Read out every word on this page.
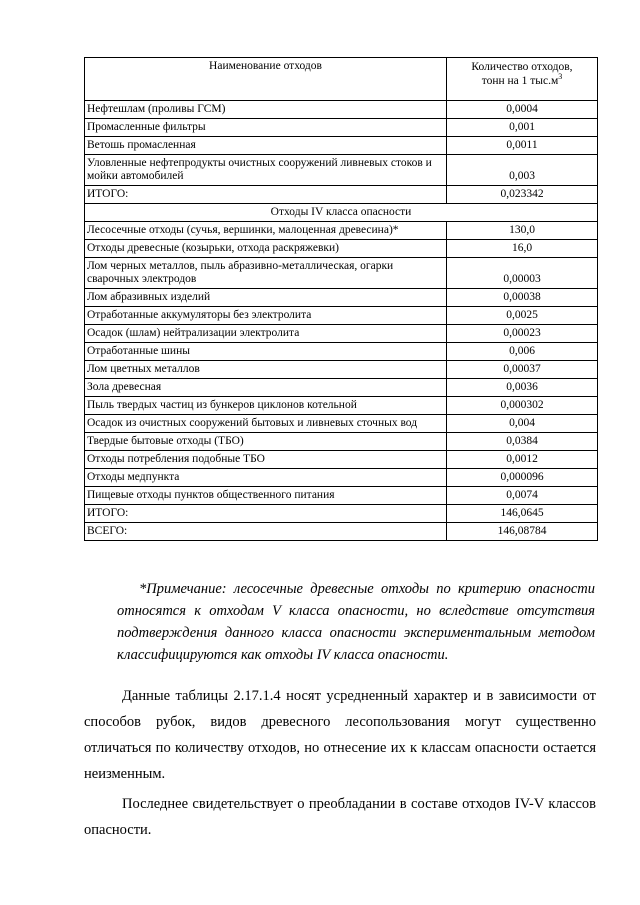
Наименование отходов	Количество отходов,
тонн на 1 $тыс.м^3$
Нефтешлам (проливы ГСМ)	0,0004
Промасленные фильтры	0,001
Ветошь промасленная	0,0011
Уловленные нефтепродукты очистных сооружений ливневых стоков и мойки автомобилей	0,003
ИТОГО:	0,023342
Отходы IV класса опасности	
Лесосечные отходы (сучья, вершинки, малоценная древесина)*	130,0
Отходы древесные (козырьки, отхода раскряжевки)	16,0
Лом черных металлов, пыль абразивно-металлическая, огарки сварочных электродов	0,00003
Лом абразивных изделий	0,00038
Отработанные аккумуляторы без электролита	0,0025
Осадок (шлам) нейтрализации электролита	0,00023
Отработанные шины	0,006
Лом цветных металлов	0,00037
Зола древесная	0,0036
Пыль твердых частиц из бункеров циклонов котельной	0,000302
Осадок из очистных сооружений бытовых и ливневых сточных вод	0,004
Твердые бытовые отходы (ТБО)	0,0384
Отходы потребления подобные ТБО	0,0012
Отходы медпункта	0,000096
Пищевые отходы пунктов общественного питания	0,0074
ИТОГО:	146,0645
ВСЕГО:	146,08784

*Примечание: лесосечные древесные отходы по критерию опасности относятся к отходам V класса опасности, но вследствие отсутствия подтверждения данного класса опасности экспериментальным методом классифицируются как отходы IV класса опасности.

Данные таблицы 2.17.1.4 носят усредненный характер и в зависимости от способов рубок, видов древесного лесопользования могут существенно отличаться по количеству отходов, но отнесение их к классам опасности остается неизменным.

Последнее свидетельствует о преобладании в составе отходов IV-V классов опасности.
